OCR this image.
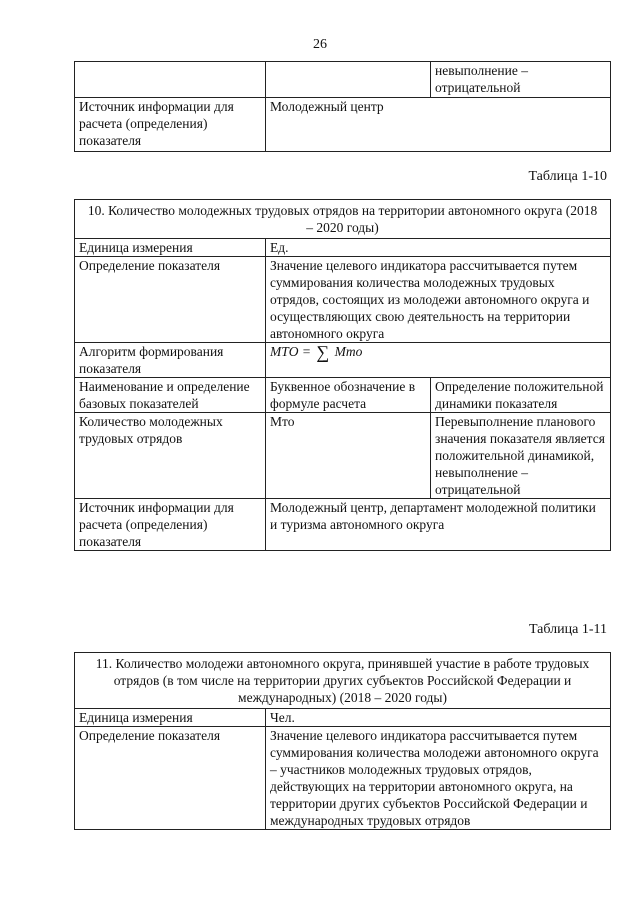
26
		невыполнение – отрицательной
Источник информации для расчета (определения) показателя	Молодежный центр	
Таблица 1-10
10. Количество молодежных трудовых отрядов на территории автономного округа (2018 – 2020 годы)		
Единица измерения	Ед.	
Определение показателя	Значение целевого индикатора рассчитывается путем суммирования количества молодежных трудовых отрядов, состоящих из молодежи автономного округа и осуществляющих свою деятельность на территории автономного округа	
Алгоритм формирования показателя	МТО = ∑ Мто	
Наименование и определение базовых показателей	Буквенное обозначение в формуле расчета	Определение положительной динамики показателя
Количество молодежных трудовых отрядов	Мто	Перевыполнение планового значения показателя является положительной динамикой, невыполнение – отрицательной
Источник информации для расчета (определения) показателя	Молодежный центр, департамент молодежной политики и туризма автономного округа	
Таблица 1-11
11. Количество молодежи автономного округа, принявшей участие в работе трудовых отрядов (в том числе на территории других субъектов Российской Федерации и международных) (2018 – 2020 годы)	
Единица измерения	Чел.
Определение показателя	Значение целевого индикатора рассчитывается путем суммирования количества молодежи автономного округа – участников молодежных трудовых отрядов, действующих на территории автономного округа, на территории других субъектов Российской Федерации и международных трудовых отрядов
